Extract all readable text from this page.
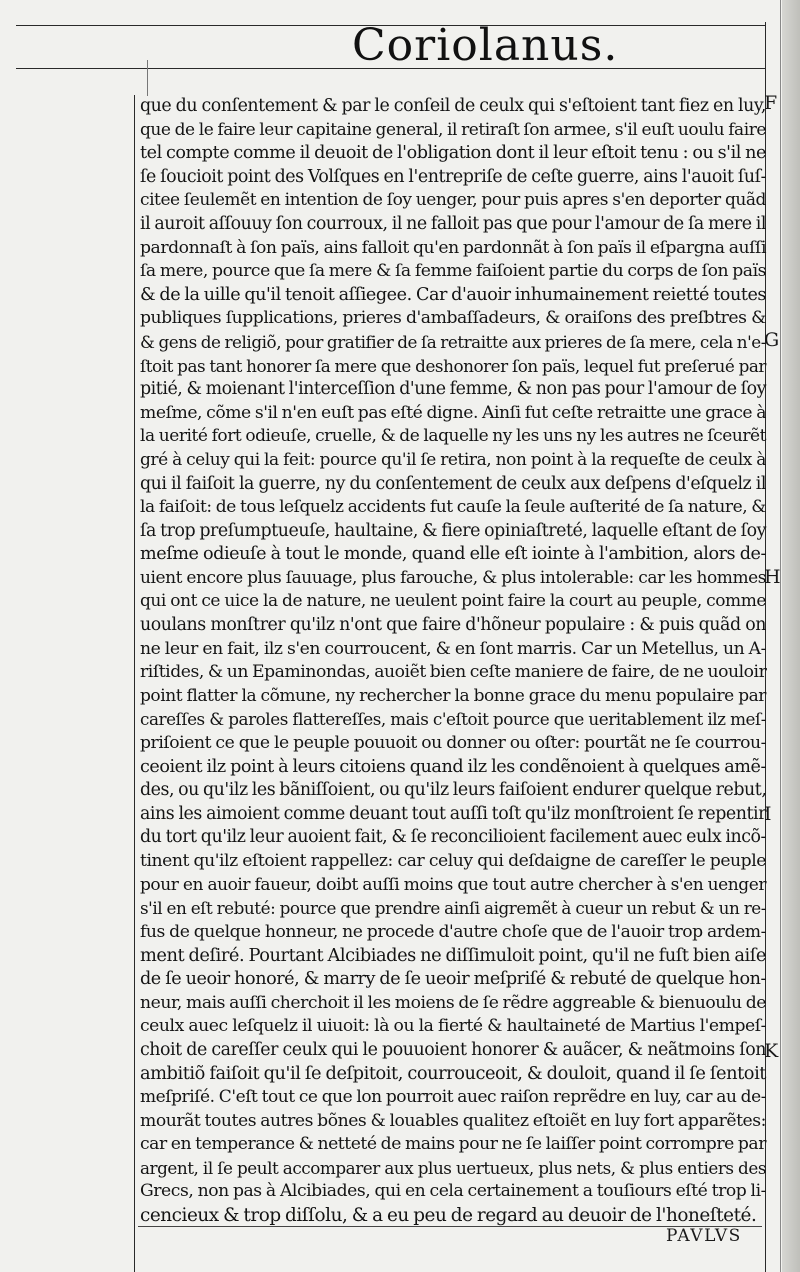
Coriolanus.
que du conſentement & par le conſeil de ceulx qui s'eſtoient tant fiez en luy,
que de le faire leur capitaine general, il retiraſt ſon armee, s'il euſt uoulu faire
tel compte comme il deuoit de l'obligation dont il leur eſtoit tenu : ou s'il ne
ſe ſoucioit point des Volſques en l'entrepriſe de ceſte guerre, ains l'auoit ſuſ-
citee ſeulemẽt en intention de ſoy uenger, pour puis apres s'en deporter quãd
il auroit aſſouuy ſon courroux, il ne falloit pas que pour l'amour de ſa mere il
pardonnaſt à ſon païs, ains falloit qu'en pardonnãt à ſon païs il eſpargna auſſi
ſa mere, pource que ſa mere & ſa femme faiſoient partie du corps de ſon païs
& de la uille qu'il tenoit aſſiegee. Car d'auoir inhumainement reietté toutes
publiques ſupplications, prieres d'ambaſſadeurs, & oraiſons des preſbtres &
& gens de religiõ, pour gratifier de ſa retraitte aux prieres de ſa mere, cela n'e-
ſtoit pas tant honorer ſa mere que deshonorer ſon païs, lequel fut preſerué par
pitié, & moienant l'interceſſion d'une femme, & non pas pour l'amour de ſoy
meſme, cõme s'il n'en euſt pas eſté digne. Ainſi fut ceſte retraitte une grace à
la uerité fort odieuſe, cruelle, & de laquelle ny les uns ny les autres ne ſceurẽt
gré à celuy qui la feit: pource qu'il ſe retira, non point à la requeſte de ceulx à
qui il faiſoit la guerre, ny du conſentement de ceulx aux deſpens d'eſquelz il
la faiſoit: de tous leſquelz accidents fut cauſe la ſeule auſterité de ſa nature, &
ſa trop preſumptueuſe, haultaine, & fiere opiniaſtreté, laquelle eſtant de ſoy
meſme odieuſe à tout le monde, quand elle eſt iointe à l'ambition, alors de-
uient encore plus ſauuage, plus farouche, & plus intolerable: car les hommes
qui ont ce uice la de nature, ne ueulent point faire la court au peuple, comme
uoulans monſtrer qu'ilz n'ont que faire d'hõneur populaire : & puis quãd on
ne leur en fait, ilz s'en courroucent, & en ſont marris. Car un Metellus, un A-
riſtides, & un Epaminondas, auoiẽt bien ceſte maniere de faire, de ne uouloir
point flatter la cõmune, ny rechercher la bonne grace du menu populaire par
careſſes & paroles flattereſſes, mais c'eſtoit pource que ueritablement ilz meſ-
priſoient ce que le peuple pouuoit ou donner ou oſter: pourtãt ne ſe courrou-
ceoient ilz point à leurs citoiens quand ilz les condẽnoient à quelques amẽ-
des, ou qu'ilz les bãniſſoient, ou qu'ilz leurs faiſoient endurer quelque rebut,
ains les aimoient comme deuant tout auſſi toſt qu'ilz monſtroient ſe repentir
du tort qu'ilz leur auoient fait, & ſe reconcilioient facilement auec eulx incõ-
tinent qu'ilz eſtoient rappellez: car celuy qui deſdaigne de careſſer le peuple
pour en auoir faueur, doibt auſſi moins que tout autre chercher à s'en uenger
s'il en eſt rebuté: pource que prendre ainſi aigremẽt à cueur un rebut & un re-
fus de quelque honneur, ne procede d'autre choſe que de l'auoir trop ardem-
ment deſiré. Pourtant Alcibiades ne diſſimuloit point, qu'il ne fuſt bien aiſe
de ſe ueoir honoré, & marry de ſe ueoir meſpriſé & rebuté de quelque hon-
neur, mais auſſi cherchoit il les moiens de ſe rẽdre aggreable & bienuoulu de
ceulx auec leſquelz il uiuoit: là ou la fierté & haultaineté de Martius l'empeſ-
choit de careſſer ceulx qui le pouuoient honorer & auãcer, & neãtmoins ſon
ambitiõ faiſoit qu'il ſe deſpitoit, courrouceoit, & douloit, quand il ſe ſentoit
meſpriſé. C'eſt tout ce que lon pourroit auec raiſon reprẽdre en luy, car au de-
mourãt toutes autres bõnes & louables qualitez eſtoiẽt en luy fort apparẽtes:
car en temperance & netteté de mains pour ne ſe laiſſer point corrompre par
argent, il ſe peult accomparer aux plus uertueux, plus nets, & plus entiers des
Grecs, non pas à Alcibiades, qui en cela certainement a touſiours eſté trop li-
cencieux & trop diſſolu, & a eu peu de regard au deuoir de l'honeſteté.
F
G
H
I
K
PAVLVS
